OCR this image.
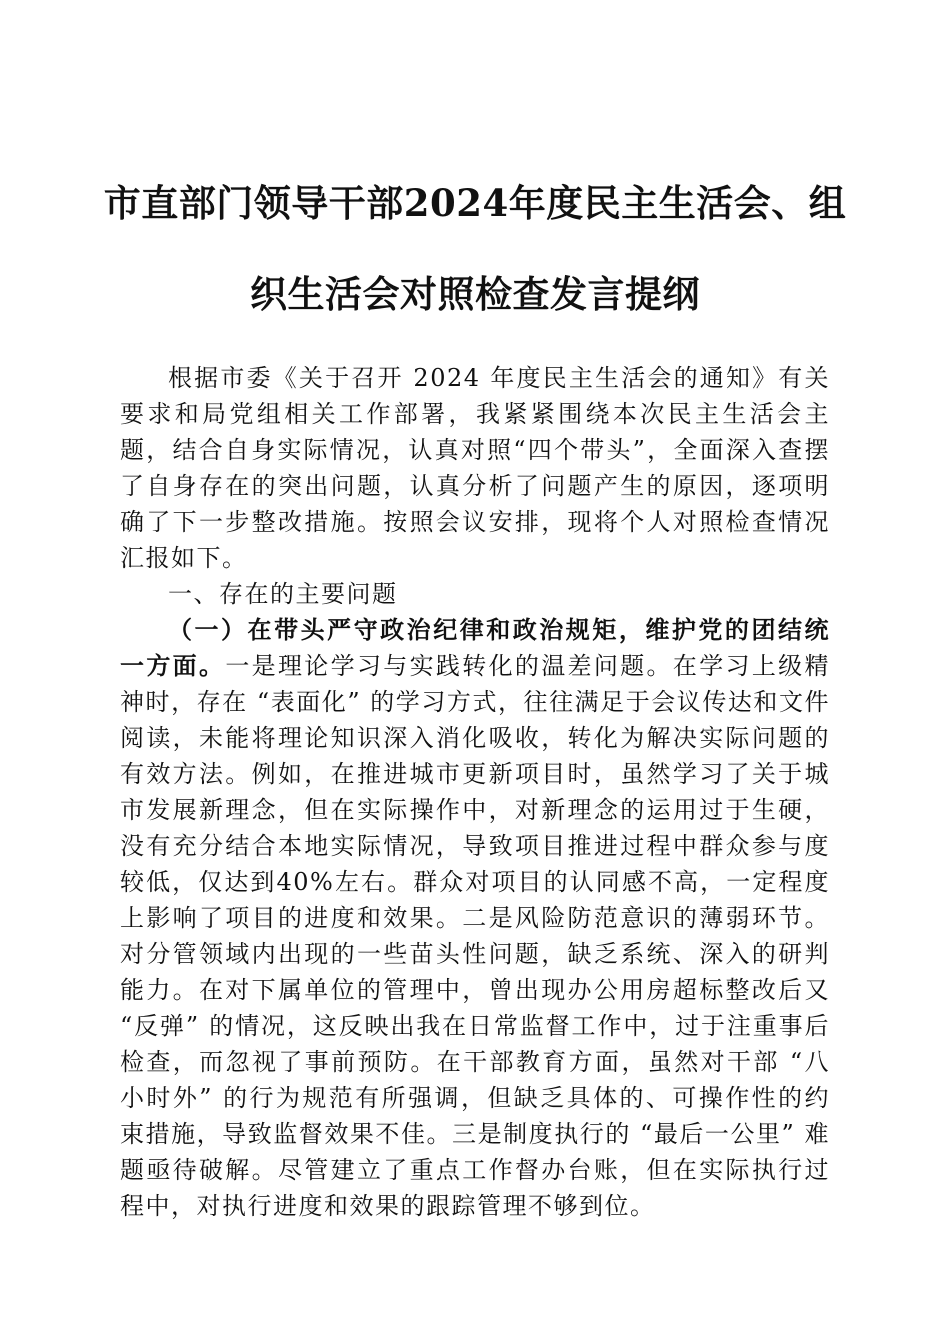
市直部门领导干部2024年度民主生活会、组
织生活会对照检查发言提纲

根据市委《关于召开 2024 年度民主生活会的通知》有关要求和局党组相关工作部署，我紧紧围绕本次民主生活会主题，结合自身实际情况，认真对照“四个带头”，全面深入查摆了自身存在的突出问题，认真分析了问题产生的原因，逐项明确了下一步整改措施。按照会议安排，现将个人对照检查情况汇报如下。

一、存在的主要问题

（一）在带头严守政治纪律和政治规矩，维护党的团结统一方面。一是理论学习与实践转化的温差问题。在学习上级精神时，存在 “表面化” 的学习方式，往往满足于会议传达和文件阅读，未能将理论知识深入消化吸收，转化为解决实际问题的有效方法。例如，在推进城市更新项目时，虽然学习了关于城市发展新理念，但在实际操作中，对新理念的运用过于生硬，没有充分结合本地实际情况，导致项目推进过程中群众参与度较低，仅达到40%左右。群众对项目的认同感不高，一定程度上影响了项目的进度和效果。二是风险防范意识的薄弱环节。对分管领域内出现的一些苗头性问题，缺乏系统、深入的研判能力。在对下属单位的管理中，曾出现办公用房超标整改后又 “反弹” 的情况，这反映出我在日常监督工作中，过于注重事后检查，而忽视了事前预防。在干部教育方面，虽然对干部 “八小时外” 的行为规范有所强调，但缺乏具体的、可操作性的约束措施，导致监督效果不佳。三是制度执行的 “最后一公里” 难题亟待破解。尽管建立了重点工作督办台账，但在实际执行过程中，对执行进度和效果的跟踪管理不够到位。
